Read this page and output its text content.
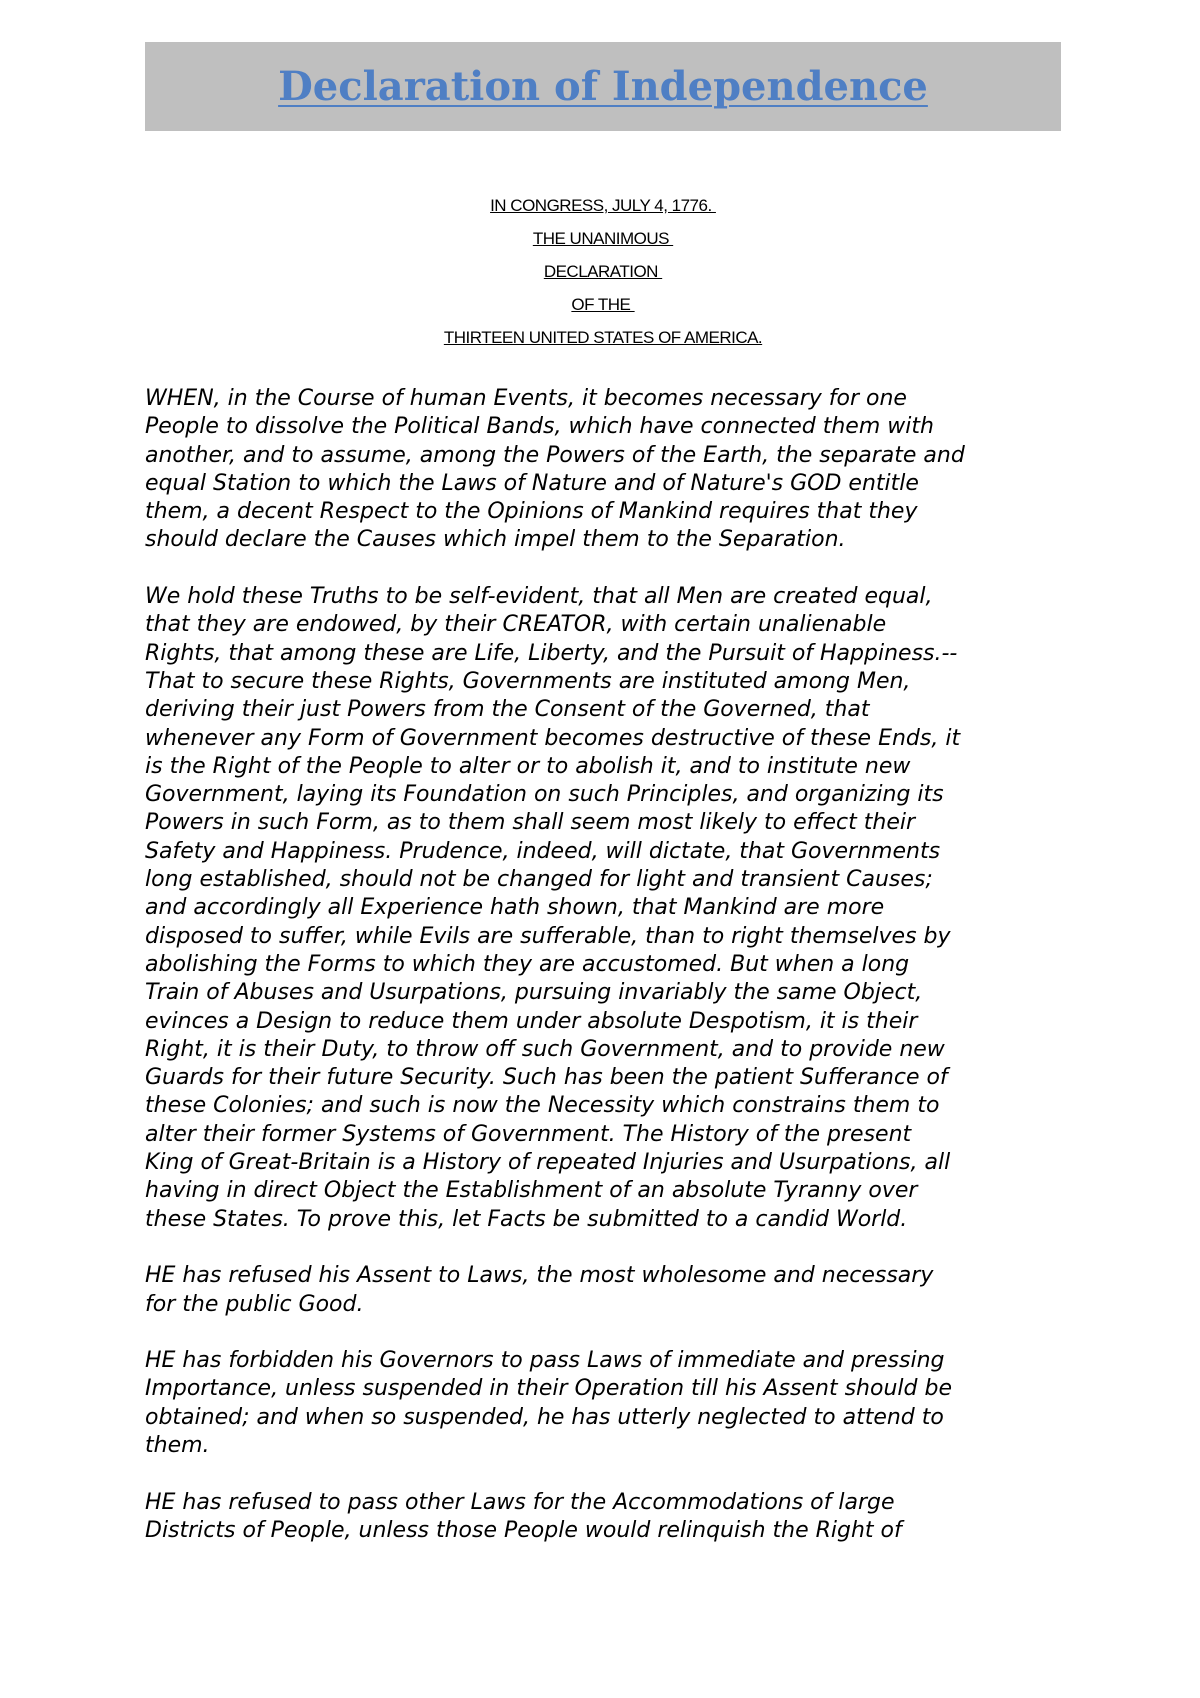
Declaration of Independence
IN CONGRESS, JULY 4, 1776.
THE UNANIMOUS
DECLARATION
OF THE
THIRTEEN UNITED STATES OF AMERICA.

WHEN, in the Course of human Events, it becomes necessary for one
People to dissolve the Political Bands, which have connected them with
another, and to assume, among the Powers of the Earth, the separate and
equal Station to which the Laws of Nature and of Nature's GOD entitle
them, a decent Respect to the Opinions of Mankind requires that they
should declare the Causes which impel them to the Separation.

We hold these Truths to be self-evident, that all Men are created equal,
that they are endowed, by their CREATOR, with certain unalienable
Rights, that among these are Life, Liberty, and the Pursuit of Happiness.--
That to secure these Rights, Governments are instituted among Men,
deriving their just Powers from the Consent of the Governed, that
whenever any Form of Government becomes destructive of these Ends, it
is the Right of the People to alter or to abolish it, and to institute new
Government, laying its Foundation on such Principles, and organizing its
Powers in such Form, as to them shall seem most likely to effect their
Safety and Happiness. Prudence, indeed, will dictate, that Governments
long established, should not be changed for light and transient Causes;
and accordingly all Experience hath shown, that Mankind are more
disposed to suffer, while Evils are sufferable, than to right themselves by
abolishing the Forms to which they are accustomed. But when a long
Train of Abuses and Usurpations, pursuing invariably the same Object,
evinces a Design to reduce them under absolute Despotism, it is their
Right, it is their Duty, to throw off such Government, and to provide new
Guards for their future Security. Such has been the patient Sufferance of
these Colonies; and such is now the Necessity which constrains them to
alter their former Systems of Government. The History of the present
King of Great-Britain is a History of repeated Injuries and Usurpations, all
having in direct Object the Establishment of an absolute Tyranny over
these States. To prove this, let Facts be submitted to a candid World.

HE has refused his Assent to Laws, the most wholesome and necessary
for the public Good.

HE has forbidden his Governors to pass Laws of immediate and pressing
Importance, unless suspended in their Operation till his Assent should be
obtained; and when so suspended, he has utterly neglected to attend to
them.

HE has refused to pass other Laws for the Accommodations of large
Districts of People, unless those People would relinquish the Right of
